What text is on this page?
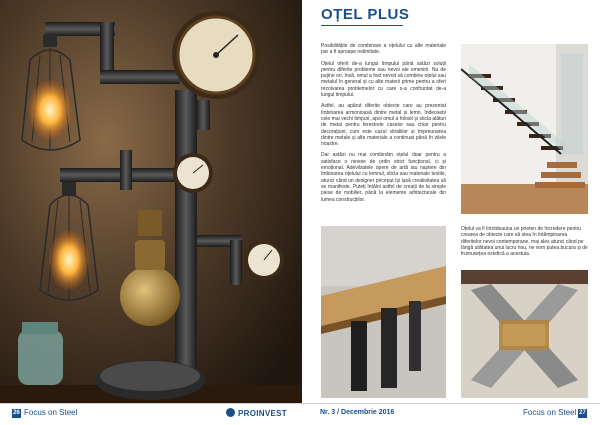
OȚEL PLUS

Posibilitățile de combinare a oțelului cu alte materiale par a fi aproape nelimitate.

Oțelul oferit de-a lungul timpului până astăzi soluții pentru diferite probleme sau nevoi ale omenirii. Nu de puține ori, însă, omul a fost nevoit să combine oțelul sau metalul în general și cu alte materii prime pentru a oferi rezolvarea problemelor cu care s-a confruntat de-a lungul timpului.

Astfel, au apărut diferite obiecte care au prezentat îmbinarea armonioasă dintre metal și lemn, îndeosebi cele mai vechi timpuri, apoi omul a folosit și sticla alături de metal pentru ferestrele caselor sau chiar pentru decorațiuni, cum este cazul vitraliilor și împreunarea dintre metale și alte materiale a continuat până în zilele noastre.

Dar astăzi nu mai combinăm oțelul doar pentru a satisface o nevoie de ordin strict funcțional, ci și emoțional. Adevăratele opere de artă iau naștere din îmbinarea oțelului cu lemnul, sticla sau materiale textile, atunci când un designer priceput își lasă creativitatea să se manifeste. Puteți întâlni astfel de creații de la simple piese de mobilier, până la elemente arhitecturale din lumea construcțiilor.

Oțelul va fi întotdeauna un prieten de încredere pentru crearea de obiecte care să stea în întâmpinarea diferitelor nevoi contemporane, mai ales atunci când pe lângă utilitatea unui lucru nou, ne vom putea bucura și de frumusețea estetică a acestuia.
26 Focus on Steel	PROINVEST	Nr. 3 / Decembrie 2016	Focus on Steel 27
